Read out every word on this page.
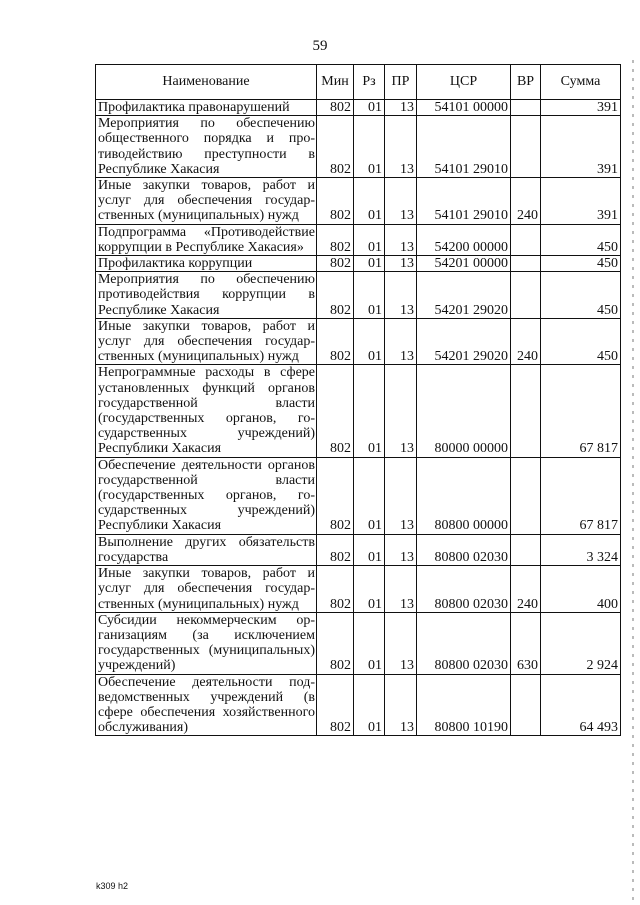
59
Наименование	Мин	Рз	ПР	ЦСР	ВР	Сумма
Профилактика правонарушений	802	01	13	54101 00000		391
Мероприятия по обеспечению общественного порядка и противодействию преступности в Республике Хакасия	802	01	13	54101 29010		391
Иные закупки товаров, работ и услуг для обеспечения государственных (муниципальных) нужд	802	01	13	54101 29010	240	391
Подпрограмма «Противодействие коррупции в Республике Хакасия»	802	01	13	54200 00000		450
Профилактика коррупции	802	01	13	54201 00000		450
Мероприятия по обеспечению противодействия коррупции в Республике Хакасия	802	01	13	54201 29020		450
Иные закупки товаров, работ и услуг для обеспечения государственных (муниципальных) нужд	802	01	13	54201 29020	240	450
Непрограммные расходы в сфере установленных функций органов государственной власти (государственных органов, государственных учреждений) Республики Хакасия	802	01	13	80000 00000		67 817
Обеспечение деятельности органов государственной власти (государственных органов, государственных учреждений) Республики Хакасия	802	01	13	80800 00000		67 817
Выполнение других обязательств государства	802	01	13	80800 02030		3 324
Иные закупки товаров, работ и услуг для обеспечения государственных (муниципальных) нужд	802	01	13	80800 02030	240	400
Субсидии некоммерческим организациям (за исключением государственных (муниципальных) учреждений)	802	01	13	80800 02030	630	2 924
Обеспечение деятельности подведомственных учреждений (в сфере обеспечения хозяйственного обслуживания)	802	01	13	80800 10190		64 493
k309 h2
